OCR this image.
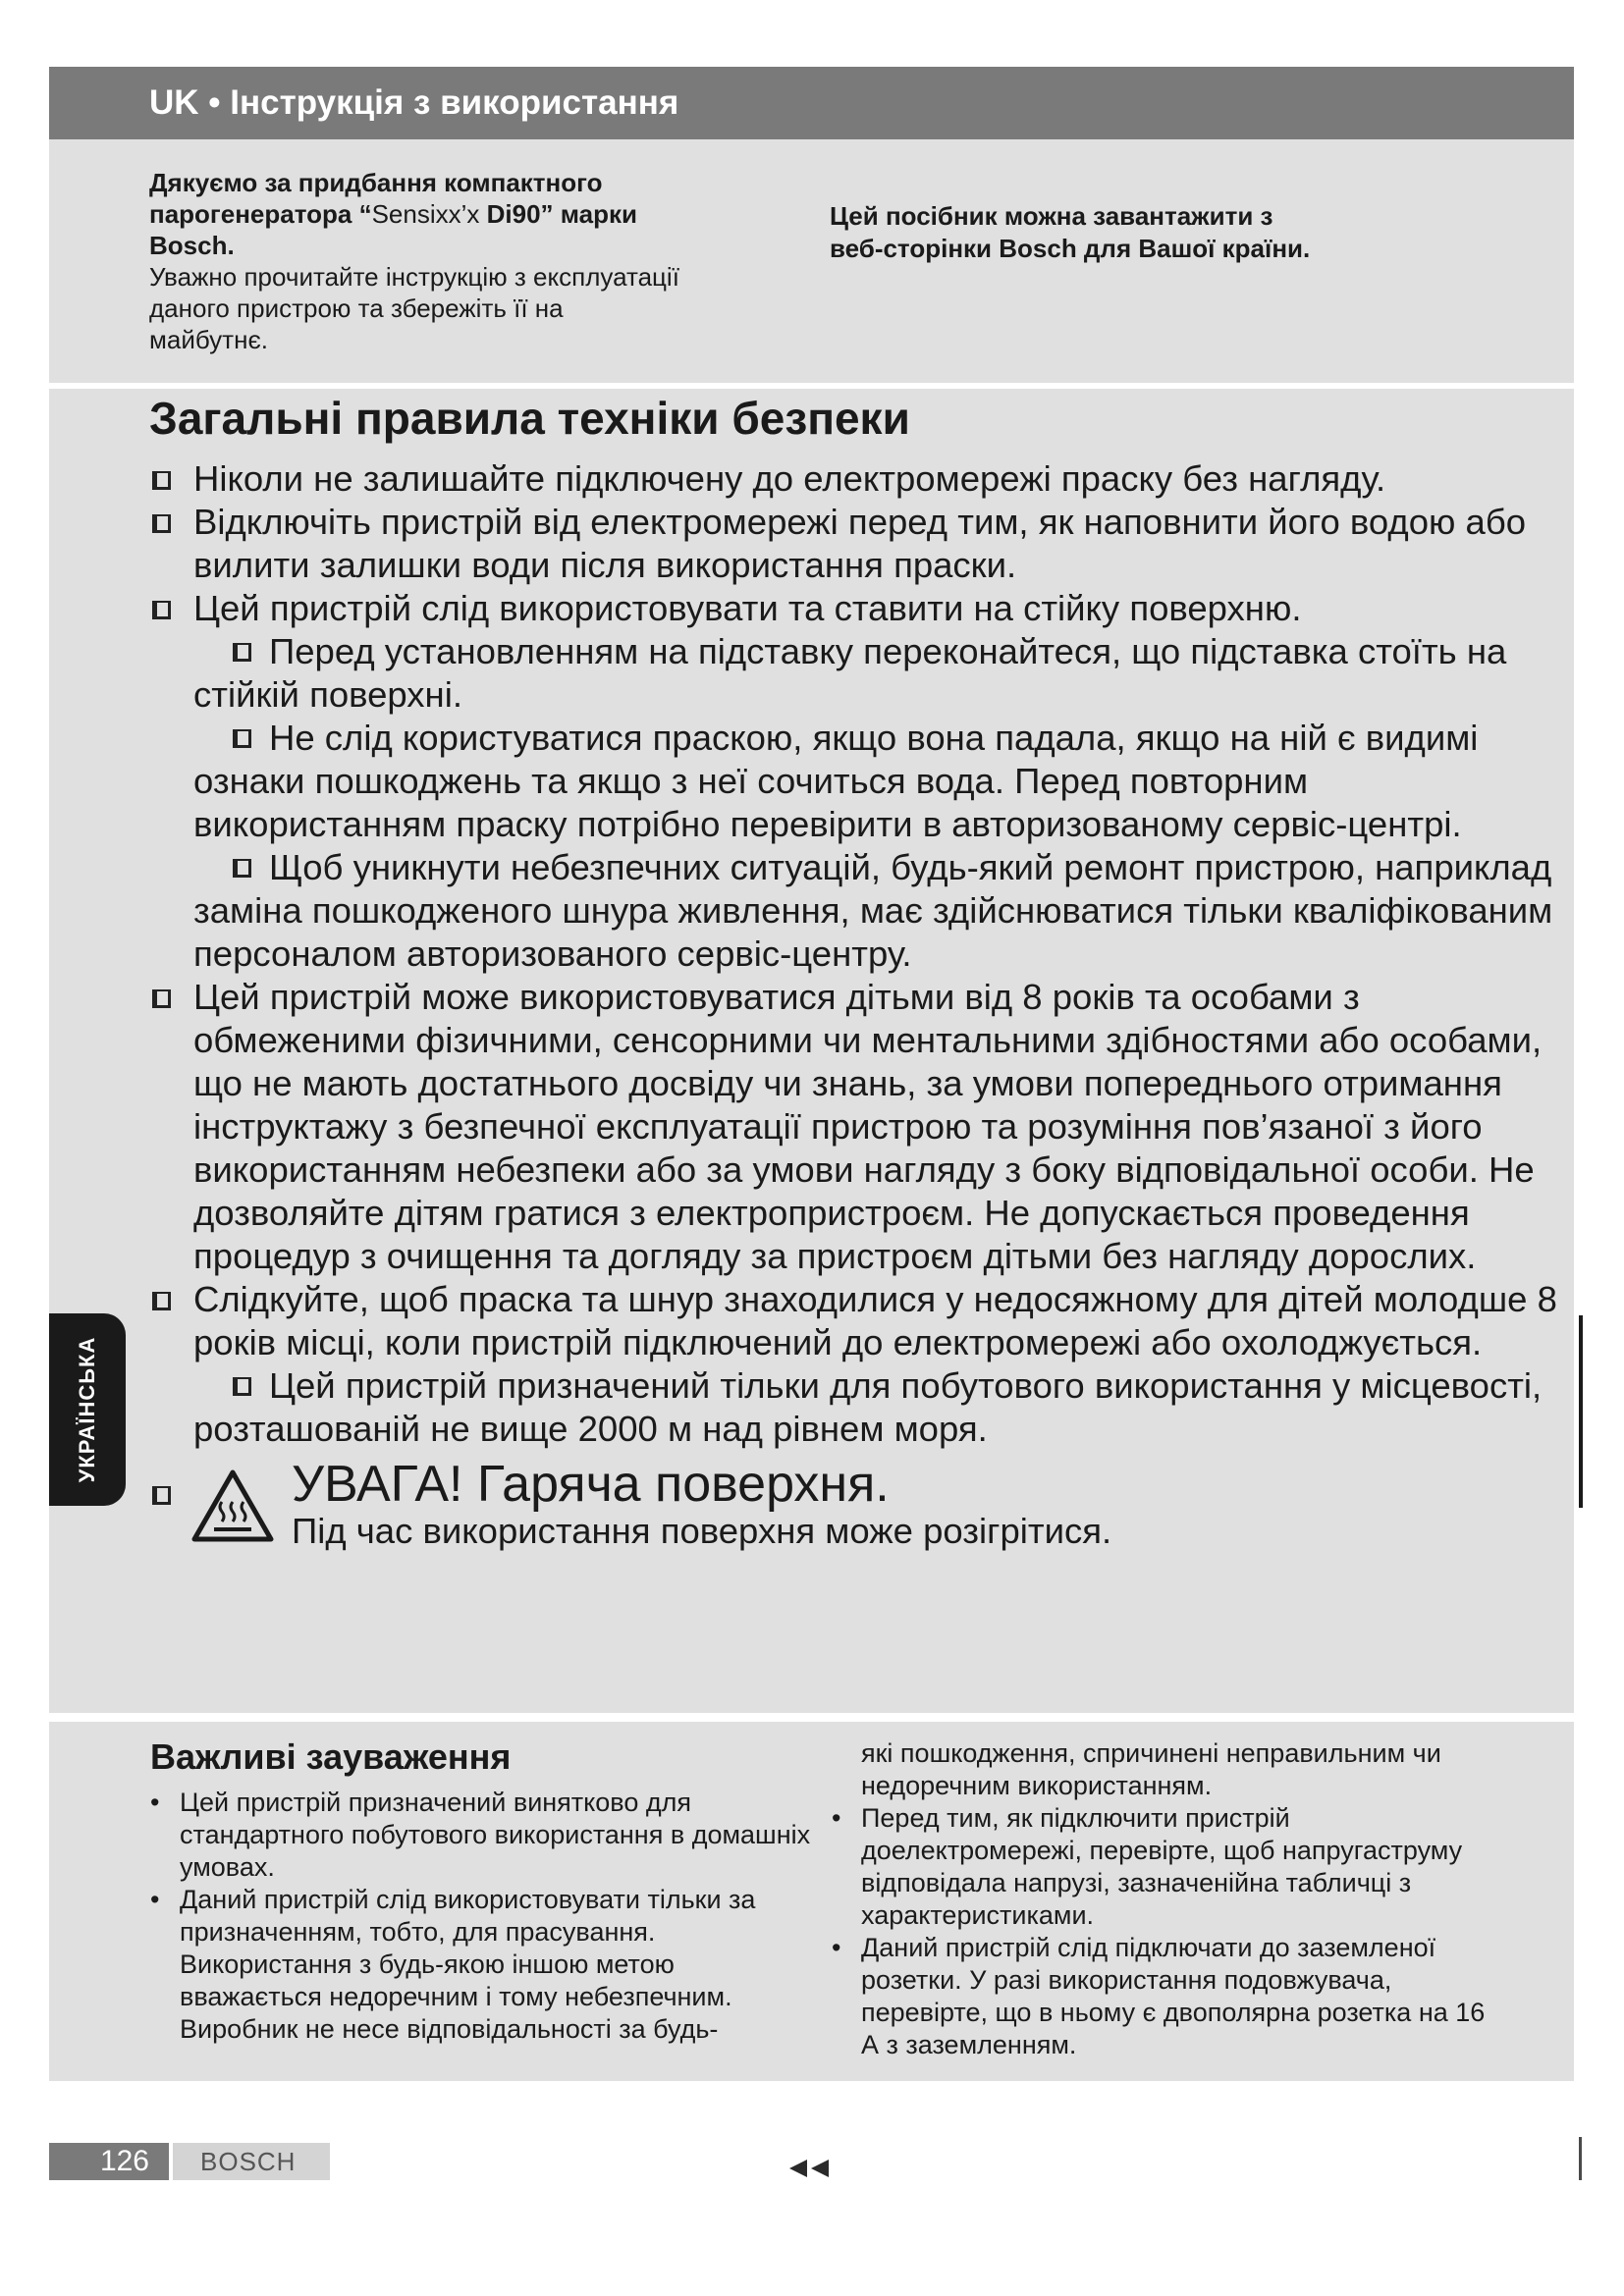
UK • Інструкція з використання
Дякуємо за придбання компактного
парогенератора “Sensixx’x Di90” марки
Bosch.
Уважно прочитайте інструкцію з експлуатації
даного пристрою та збережіть її на
майбутнє.
Цей посібник можна завантажити з
веб-сторінки Bosch для Вашої країни.
Загальні правила техніки безпеки
Ніколи не залишайте підключену до електромережі праску без нагляду.
Відключіть пристрій від електромережі перед тим, як наповнити його водою або вилити залишки води після використання праски.
Цей пристрій слід використовувати та ставити на стійку поверхню.
Перед установленням на підставку переконайтеся, що підставка стоїть на стійкій поверхні.
Не слід користуватися праскою, якщо вона падала, якщо на ній є видимі ознаки пошкоджень та якщо з неї сочиться вода. Перед повторним використанням праску потрібно перевірити в авторизованому сервіс-центрі.
Щоб уникнути небезпечних ситуацій, будь-який ремонт пристрою, наприклад заміна пошкодженого шнура живлення, має здійснюватися тільки кваліфікованим персоналом авторизованого сервіс-центру.
Цей пристрій може використовуватися дітьми від 8 років та особами з обмеженими фізичними, сенсорними чи ментальними здібностями або особами, що не мають достатнього досвіду чи знань, за умови попереднього отримання інструктажу з безпечної експлуатації пристрою та розуміння пов’язаної з його використанням небезпеки або за умови нагляду з боку відповідальної особи. Не дозволяйте дітям гратися з електропристроєм. Не допускається проведення процедур з очищення та догляду за пристроєм дітьми без нагляду дорослих.
Слідкуйте, щоб праска та шнур знаходилися у недосяжному для дітей молодше 8 років місці, коли пристрій підключений до електромережі або охолоджується.
Цей пристрій призначений тільки для побутового використання у місцевості, розташованій не вище 2000 м над рівнем моря.
УВАГА! Гаряча поверхня.
Під час використання поверхня може розігрітися.
Важливі зауваження
• Цей пристрій призначений винятково для стандартного побутового використання в домашніх умовах.
• Даний пристрій слід використовувати тільки за призначенням, тобто, для прасування. Використання з будь-якою іншою метою вважається недоречним і тому небезпечним. Виробник не несе відповідальності за будь-
які пошкодження, спричинені неправильним чи недоречним використанням.
• Перед тим, як підключити пристрій доелектромережі, перевірте, щоб напругаструму відповідала напрузі, зазначенійна табличці з характеристиками.
• Даний пристрій слід підключати до заземленої розетки. У разі використання подовжувача, перевірте, що в ньому є двополярна розетка на 16 А з заземленням.
УКРАЇНСЬКА
126	BOSCH
